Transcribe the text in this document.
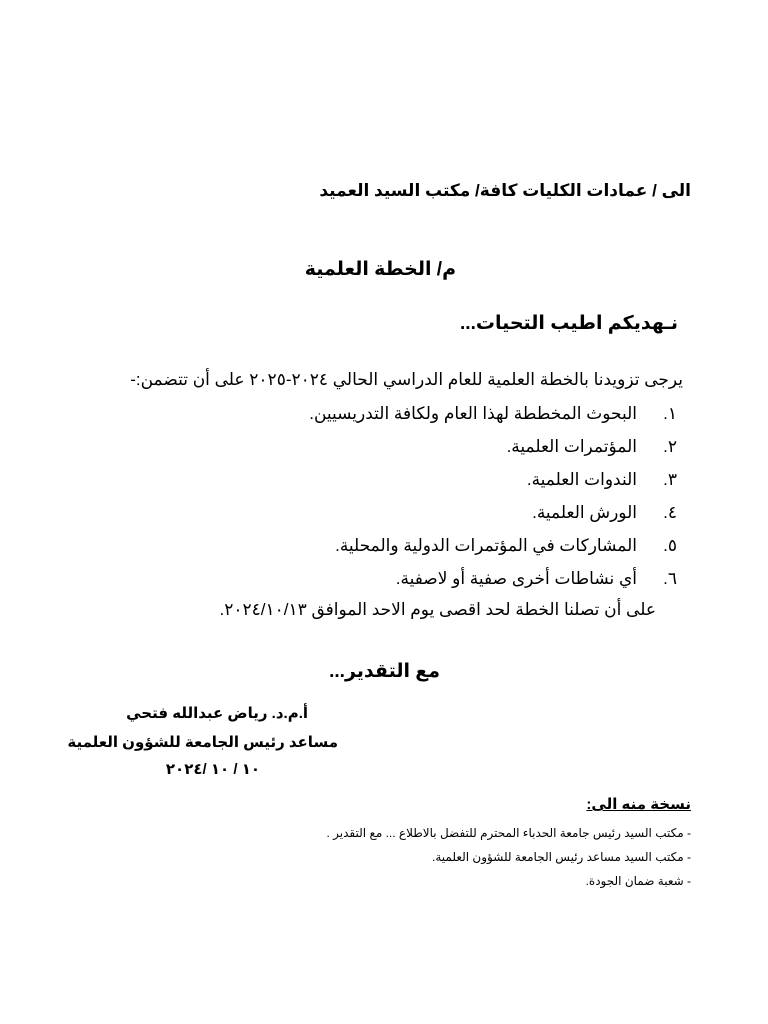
الى / عمادات الكليات كافة/ مكتب السيد العميد
م/ الخطة العلمية
نـهديكم اطيب التحيات...
يرجى تزويدنا بالخطة العلمية للعام الدراسي الحالي ٢٠٢٤-٢٠٢٥ على أن تتضمن:-
١.
البحوث المخططة لهذا العام ولكافة التدريسيين.
٢.
المؤتمرات العلمية.
٣.
الندوات العلمية.
٤.
الورش العلمية.
٥.
المشاركات في المؤتمرات الدولية والمحلية.
٦.
أي نشاطات أخرى صفية أو لاصفية.
على أن تصلنا الخطة لحد اقصى يوم الاحد الموافق ٢٠٢٤/١٠/١٣.
مع التقدير...
أ.م.د. رياض عبدالله فتحي
مساعد رئيس الجامعة للشؤون العلمية
١٠ / ١٠ /٢٠٢٤
نسخة منه الى:
- مكتب السيد رئيس جامعة الحدباء المحترم للتفضل بالاطلاع ... مع التقدير .
- مكتب السيد مساعد رئيس الجامعة للشؤون العلمية.
- شعبة ضمان الجودة.
